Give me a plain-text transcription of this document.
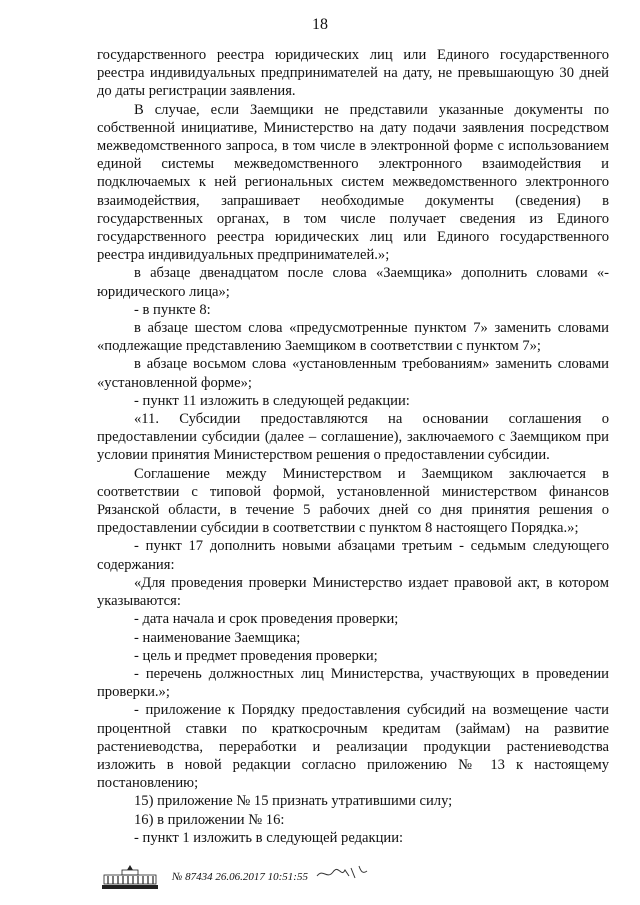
18

государственного реестра юридических лиц или Единого государственного реестра индивидуальных предпринимателей на дату, не превышающую 30 дней до даты регистрации заявления.

В случае, если Заемщики не представили указанные документы по собственной инициативе, Министерство на дату подачи заявления посредством межведомственного запроса, в том числе в электронной форме с использованием единой системы межведомственного электронного взаимодействия и подключаемых к ней региональных систем межведомственного электронного взаимодействия, запрашивает необходимые документы (сведения) в государственных органах, в том числе получает сведения из Единого государственного реестра юридических лиц или Единого государственного реестра индивидуальных предпринимателей.»;

в абзаце двенадцатом после слова «Заемщика» дополнить словами «- юридического лица»;

- в пункте 8:

в абзаце шестом слова «предусмотренные пунктом 7» заменить словами «подлежащие представлению Заемщиком в соответствии с пунктом 7»;

в абзаце восьмом слова «установленным требованиям» заменить словами «установленной форме»;

- пункт 11 изложить в следующей редакции:

«11. Субсидии предоставляются на основании соглашения о предоставлении субсидии (далее – соглашение), заключаемого с Заемщиком при условии принятия Министерством решения о предоставлении субсидии.

Соглашение между Министерством и Заемщиком заключается в соответствии с типовой формой, установленной министерством финансов Рязанской области, в течение 5 рабочих дней со дня принятия решения о предоставлении субсидии в соответствии с пунктом 8 настоящего Порядка.»;

- пункт 17 дополнить новыми абзацами третьим - седьмым следующего содержания:

«Для проведения проверки Министерство издает правовой акт, в котором указываются:

- дата начала и срок проведения проверки;

- наименование Заемщика;

- цель и предмет проведения проверки;

- перечень должностных лиц Министерства, участвующих в проведении проверки.»;

- приложение к Порядку предоставления субсидий на возмещение части процентной ставки по краткосрочным кредитам (займам) на развитие растениеводства, переработки и реализации продукции растениеводства изложить в новой редакции согласно приложению № 13 к настоящему постановлению;

15) приложение № 15 признать утратившими силу;

16) в приложении № 16:

- пункт 1 изложить в следующей редакции:

№ 87434 26.06.2017 10:51:55
